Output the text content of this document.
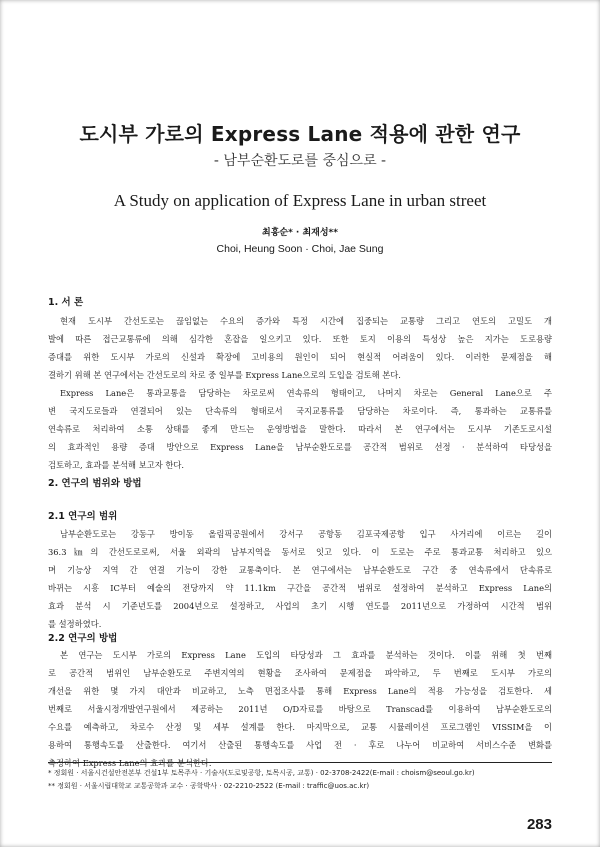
도시부 가로의 Express Lane 적용에 관한 연구
- 남부순환도로를 중심으로 -
A Study on application of Express Lane in urban street
최흥순* · 최재성**
Choi, Heung Soon · Choi, Jae Sung
1. 서 론
현재 도시부 간선도로는 끊임없는 수요의 증가와 특정 시간에 집중되는 교통량 그리고 연도의 고밀도 개
발에 따른 접근교통류에 의해 심각한 혼잡을 일으키고 있다. 또한 토지 이용의 특성상 높은 지가는 도로용량
증대를 위한 도시부 가로의 신설과 확장에 고비용의 원인이 되어 현실적 어려움이 있다. 이러한 문제점을 해
결하기 위해 본 연구에서는 간선도로의 차로 중 일부를 Express Lane으로의 도입을 검토해 본다.
Express Lane은 통과교통을 담당하는 차로로써 연속류의 형태이고, 나머지 차로는 General Lane으로 주
변 국지도로들과 연결되어 있는 단속류의 형태로서 국지교통류를 담당하는 차로이다. 즉, 통과하는 교통류를
연속류로 처리하여 소통 상태를 좋게 만드는 운영방법을 말한다. 따라서 본 연구에서는 도시부 기존도로시설
의 효과적인 용량 증대 방안으로 Express Lane을 남부순환도로를 공간적 범위로 선정 · 분석하여 타당성을
검토하고, 효과를 분석해 보고자 한다.
2. 연구의 범위와 방법
2.1 연구의 범위
남부순환도로는 강동구 방이동 올림픽공원에서 강서구 공항동 김포국제공항 입구 사거리에 이르는 길이
36.3㎞의 간선도로로써, 서울 외곽의 남부지역을 동서로 잇고 있다. 이 도로는 주로 통과교통 처리하고 있으
며 기능상 지역 간 연결 기능이 강한 교통축이다. 본 연구에서는 남부순환도로 구간 중 연속류에서 단속류로
바뀌는 시흥 IC부터 예술의 전당까지 약 11.1km 구간을 공간적 범위로 설정하여 분석하고 Express Lane의
효과 분석 시 기준년도를 2004년으로 설정하고, 사업의 초기 시행 연도를 2011년으로 가정하여 시간적 범위
를 설정하였다.
2.2 연구의 방법
본 연구는 도시부 가로의 Express Lane 도입의 타당성과 그 효과를 분석하는 것이다. 이를 위해 첫 번째
로 공간적 범위인 남부순환도로 주변지역의 현황을 조사하여 문제점을 파악하고, 두 번째로 도시부 가로의
개선을 위한 몇 가지 대안과 비교하고, 노측 면접조사를 통해 Express Lane의 적용 가능성을 검토한다. 세
번째로 서울시정개발연구원에서 제공하는 2011년 O/D자료를 바탕으로 Transcad를 이용하여 남부순환도로의
수요를 예측하고, 차로수 산정 및 세부 설계를 한다. 마지막으로, 교통 시뮬레이션 프로그램인 VISSIM을 이
용하여 통행속도를 산출한다. 여기서 산출된 통행속도를 사업 전 · 후로 나누어 비교하여 서비스수준 변화를
측정하여 Express Lane의 효과를 분석한다.
* 정회원 · 서울시건설안전본부 건설1부 토목주사 · 기술사(도로및공항, 토목시공, 교통) · 02-3708-2422(E-mail : choism@seoul.go.kr)
** 정회원 · 서울시립대학교 교통공학과 교수 · 공학박사 · 02-2210-2522 (E-mail : traffic@uos.ac.kr)
283
